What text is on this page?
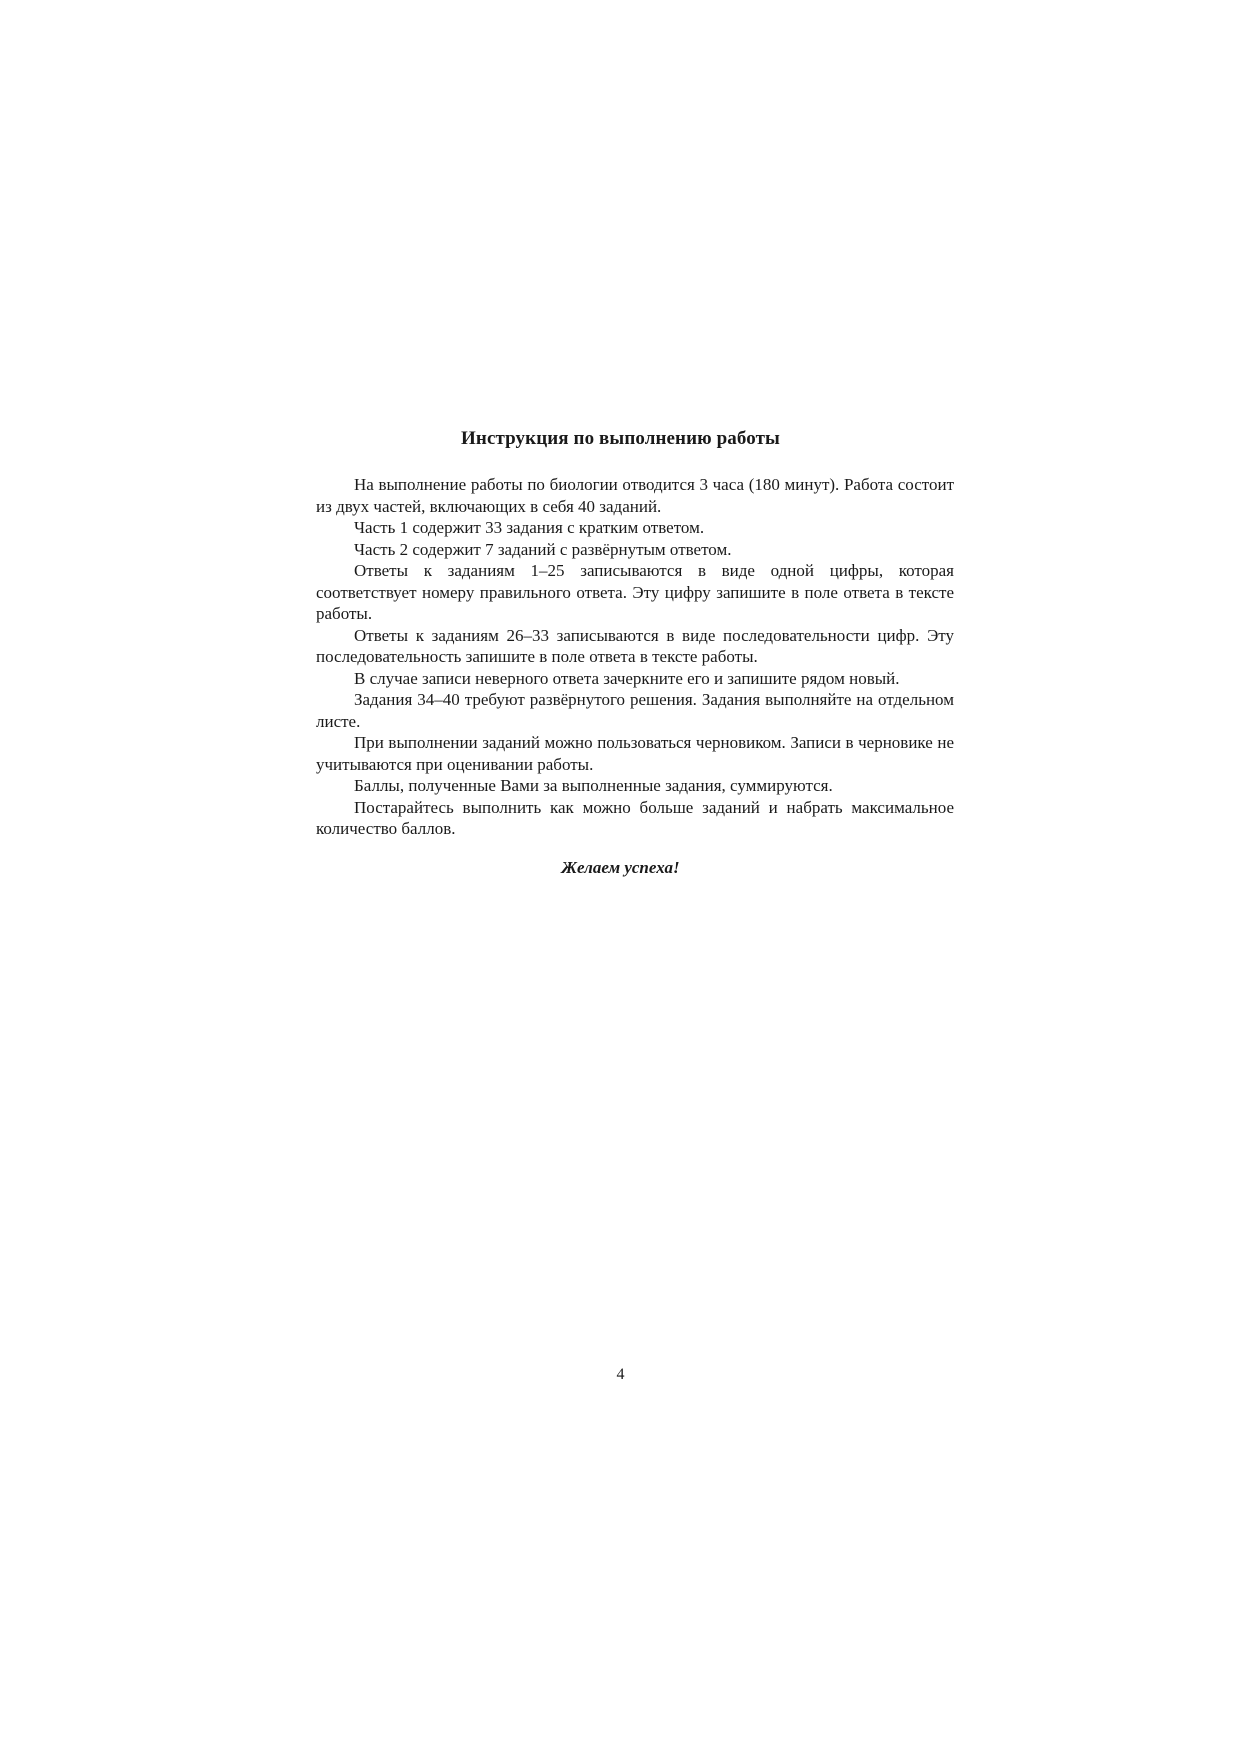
Инструкция по выполнению работы

На выполнение работы по биологии отводится 3 часа (180 минут). Работа состоит из двух частей, включающих в себя 40 заданий.

Часть 1 содержит 33 задания с кратким ответом.

Часть 2 содержит 7 заданий с развёрнутым ответом.

Ответы к заданиям 1–25 записываются в виде одной цифры, которая соответствует номеру правильного ответа. Эту цифру запишите в поле ответа в тексте работы.

Ответы к заданиям 26–33 записываются в виде последовательности цифр. Эту последовательность запишите в поле ответа в тексте работы.

В случае записи неверного ответа зачеркните его и запишите рядом новый.

Задания 34–40 требуют развёрнутого решения. Задания выполняйте на отдельном листе.

При выполнении заданий можно пользоваться черновиком. Записи в черновике не учитываются при оценивании работы.

Баллы, полученные Вами за выполненные задания, суммируются.

Постарайтесь выполнить как можно больше заданий и набрать максимальное количество баллов.

Желаем успеха!
4
